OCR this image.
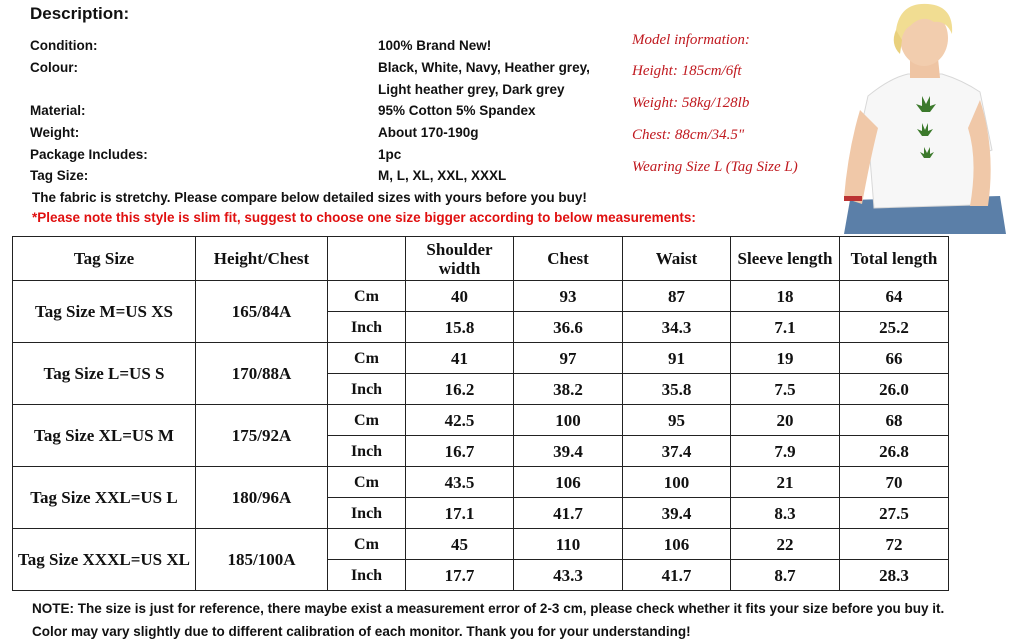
Description:
Condition:	100% Brand New!
Colour:	Black, White, Navy, Heather grey,
Light heather grey, Dark grey
Material:	95% Cotton 5% Spandex
Weight:	About 170-190g
Package Includes:	1pc
Tag Size:	M, L, XL, XXL, XXXL
Model information:
Height: 185cm/6ft
Weight: 58kg/128lb
Chest: 88cm/34.5"
Wearing Size L (Tag Size L)
The fabric is stretchy. Please compare below detailed sizes with yours before you buy!
*Please note this style is slim fit, suggest to choose one size bigger according to below measurements:
Tag Size	Height/Chest		Shoulder width	Chest	Waist	Sleeve length	Total length
Tag Size M=US XS	165/84A	Cm	40	93	87	18	64
		Inch	15.8	36.6	34.3	7.1	25.2
Tag Size L=US S	170/88A	Cm	41	97	91	19	66
		Inch	16.2	38.2	35.8	7.5	26.0
Tag Size XL=US M	175/92A	Cm	42.5	100	95	20	68
		Inch	16.7	39.4	37.4	7.9	26.8
Tag Size XXL=US L	180/96A	Cm	43.5	106	100	21	70
		Inch	17.1	41.7	39.4	8.3	27.5
Tag Size XXXL=US XL	185/100A	Cm	45	110	106	22	72
		Inch	17.7	43.3	41.7	8.7	28.3
NOTE: The size is just for reference, there maybe exist a measurement error of 2-3 cm, please check whether it fits your size before you buy it.
Color may vary slightly due to different calibration of each monitor. Thank you for your understanding!
